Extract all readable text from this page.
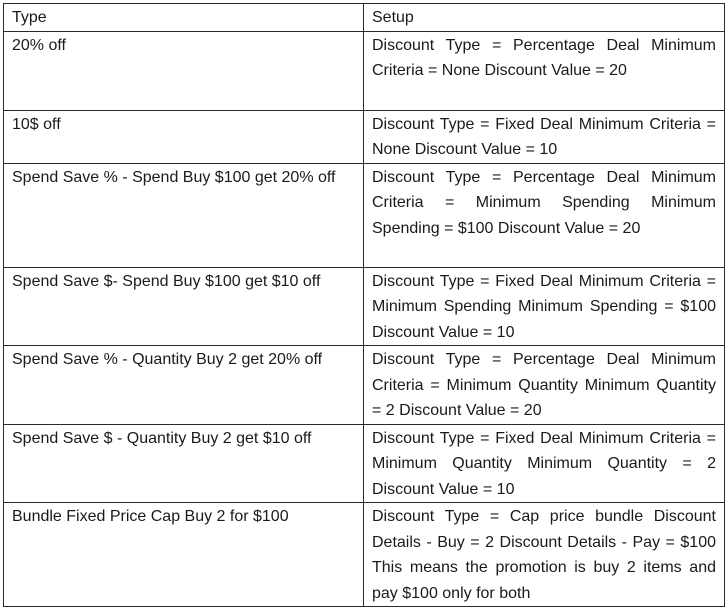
Type	Setup
20% off	Discount Type = Percentage Deal Minimum Criteria = None Discount Value = 20
10$ off	Discount Type = Fixed Deal Minimum Criteria = None Discount Value = 10
Spend Save % - Spend Buy $100 get 20% off	Discount Type = Percentage Deal Minimum Criteria = Minimum Spending Minimum Spending = $100 Discount Value = 20
Spend Save $- Spend Buy $100 get $10 off	Discount Type = Fixed Deal Minimum Criteria = Minimum Spending Minimum Spending = $100 Discount Value = 10
Spend Save % - Quantity Buy 2 get 20% off	Discount Type = Percentage Deal Minimum Criteria = Minimum Quantity Minimum Quantity = 2 Discount Value = 20
Spend Save $ - Quantity Buy 2 get $10 off	Discount Type = Fixed Deal Minimum Criteria = Minimum Quantity Minimum Quantity = 2 Discount Value = 10
Bundle Fixed Price Cap Buy 2 for $100	Discount Type = Cap price bundle Discount Details - Buy = 2 Discount Details - Pay = $100 This means the promotion is buy 2 items and pay $100 only for both
